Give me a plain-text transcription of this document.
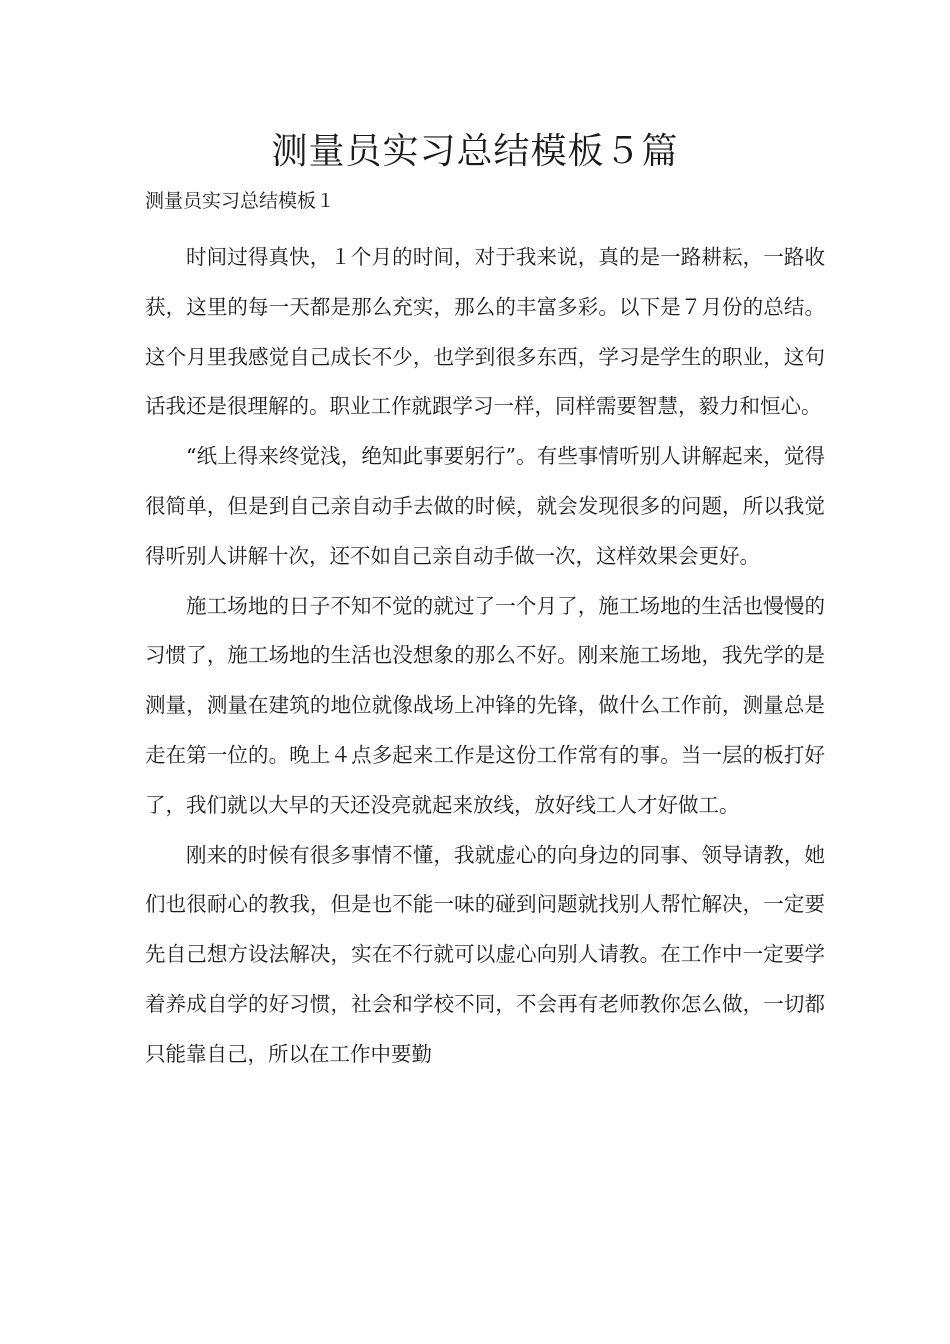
测量员实习总结模板５篇
测量员实习总结模板１

时间过得真快，１个月的时间，对于我来说，真的是一路耕耘，一路收获，这里的每一天都是那么充实，那么的丰富多彩。以下是７月份的总结。这个月里我感觉自己成长不少，也学到很多东西，学习是学生的职业，这句话我还是很理解的。职业工作就跟学习一样，同样需要智慧，毅力和恒心。

“纸上得来终觉浅，绝知此事要躬行”。有些事情听别人讲解起来，觉得很简单，但是到自己亲自动手去做的时候，就会发现很多的问题，所以我觉得听别人讲解十次，还不如自己亲自动手做一次，这样效果会更好。

施工场地的日子不知不觉的就过了一个月了，施工场地的生活也慢慢的习惯了，施工场地的生活也没想象的那么不好。刚来施工场地，我先学的是测量，测量在建筑的地位就像战场上冲锋的先锋，做什么工作前，测量总是走在第一位的。晚上４点多起来工作是这份工作常有的事。当一层的板打好了，我们就以大早的天还没亮就起来放线，放好线工人才好做工。

刚来的时候有很多事情不懂，我就虚心的向身边的同事、领导请教，她们也很耐心的教我，但是也不能一味的碰到问题就找别人帮忙解决，一定要先自己想方设法解决，实在不行就可以虚心向别人请教。在工作中一定要学着养成自学的好习惯，社会和学校不同，不会再有老师教你怎么做，一切都只能靠自己，所以在工作中要勤
